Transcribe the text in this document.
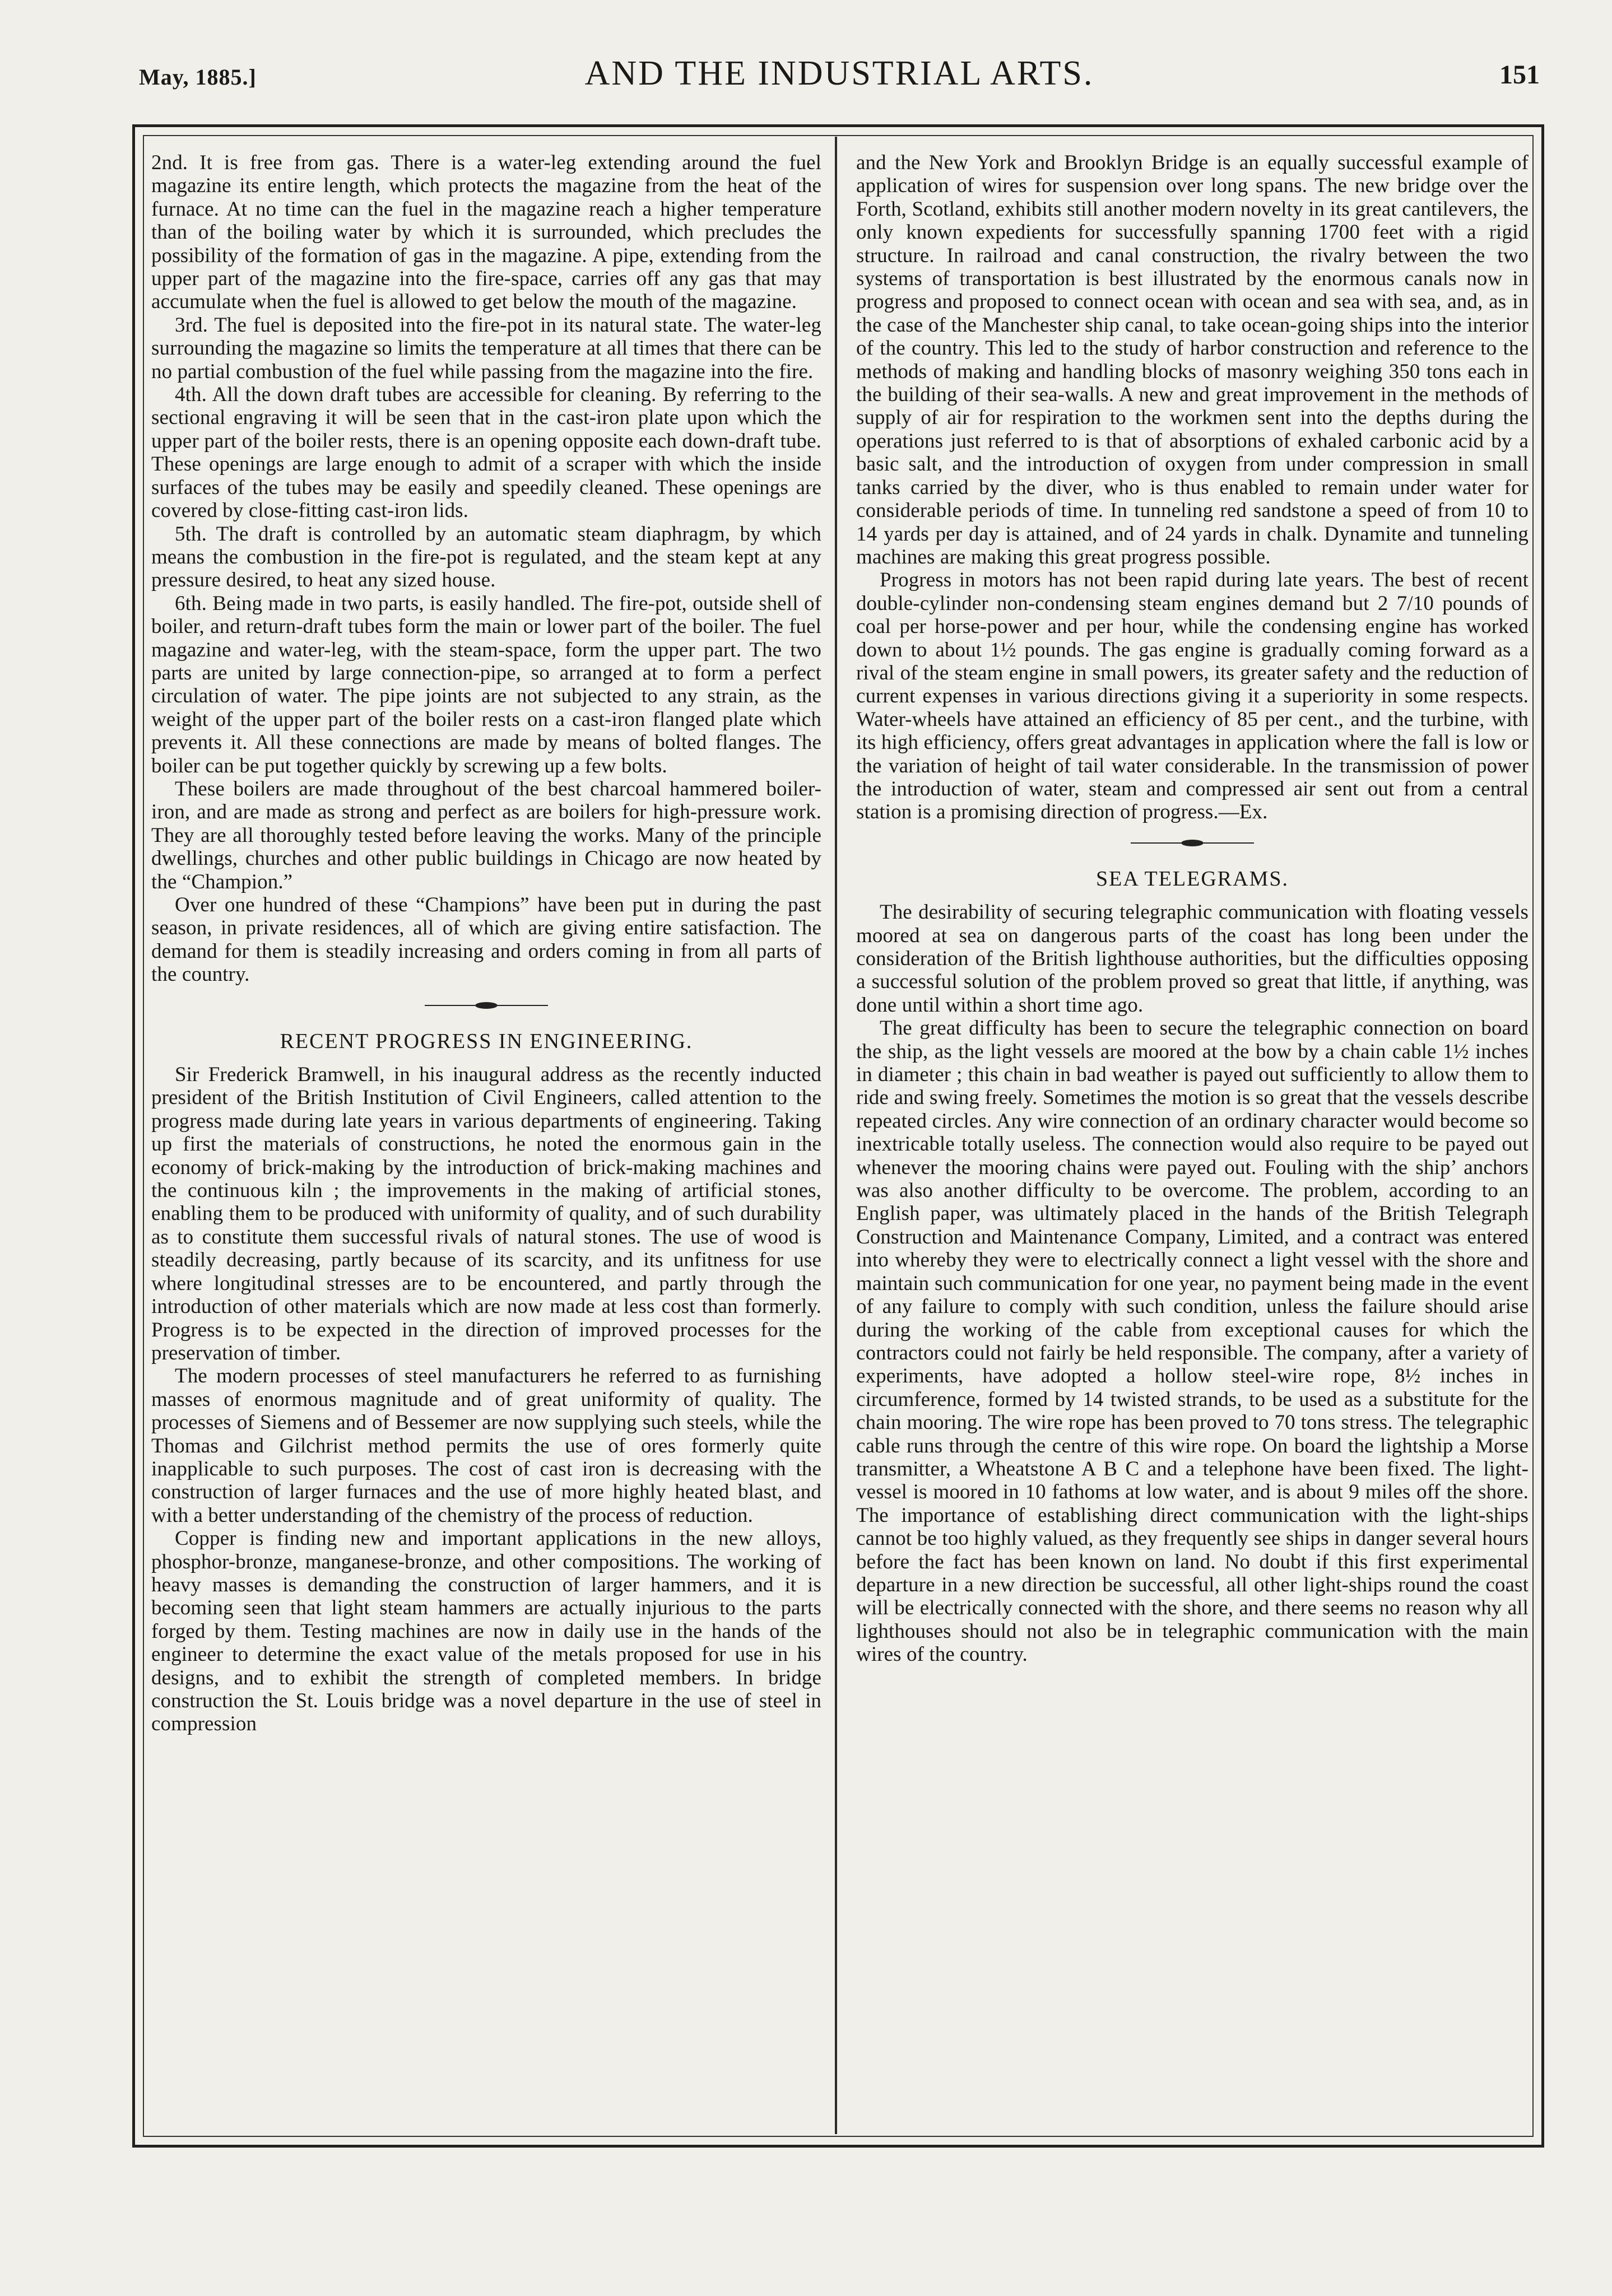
May, 1885.]	AND THE INDUSTRIAL ARTS.	151

2nd. It is free from gas. There is a water-leg extending around the fuel magazine its entire length, which protects the magazine from the heat of the furnace. At no time can the fuel in the magazine reach a higher temperature than of the boiling water by which it is surrounded, which precludes the possibility of the formation of gas in the magazine. A pipe, extending from the upper part of the magazine into the fire-space, carries off any gas that may accumulate when the fuel is allowed to get below the mouth of the magazine.

3rd. The fuel is deposited into the fire-pot in its natural state. The water-leg surrounding the magazine so limits the temperature at all times that there can be no partial combustion of the fuel while passing from the magazine into the fire.

4th. All the down draft tubes are accessible for cleaning. By referring to the sectional engraving it will be seen that in the cast-iron plate upon which the upper part of the boiler rests, there is an opening opposite each down-draft tube. These openings are large enough to admit of a scraper with which the inside surfaces of the tubes may be easily and speedily cleaned. These openings are covered by close-fitting cast-iron lids.

5th. The draft is controlled by an automatic steam diaphragm, by which means the combustion in the fire-pot is regulated, and the steam kept at any pressure desired, to heat any sized house.

6th. Being made in two parts, is easily handled. The fire-pot, outside shell of boiler, and return-draft tubes form the main or lower part of the boiler. The fuel magazine and water-leg, with the steam-space, form the upper part. The two parts are united by large connection-pipe, so arranged at to form a perfect circulation of water. The pipe joints are not subjected to any strain, as the weight of the upper part of the boiler rests on a cast-iron flanged plate which prevents it. All these connections are made by means of bolted flanges. The boiler can be put together quickly by screwing up a few bolts.

These boilers are made throughout of the best charcoal hammered boiler-iron, and are made as strong and perfect as are boilers for high-pressure work. They are all thoroughly tested before leaving the works. Many of the principle dwellings, churches and other public buildings in Chicago are now heated by the “Champion.”

Over one hundred of these “Champions” have been put in during the past season, in private residences, all of which are giving entire satisfaction. The demand for them is steadily increasing and orders coming in from all parts of the country.

RECENT PROGRESS IN ENGINEERING.

Sir Frederick Bramwell, in his inaugural address as the recently inducted president of the British Institution of Civil Engineers, called attention to the progress made during late years in various departments of engineering. Taking up first the materials of constructions, he noted the enormous gain in the economy of brick-making by the introduction of brick-making machines and the continuous kiln ; the improvements in the making of artificial stones, enabling them to be produced with uniformity of quality, and of such durability as to constitute them successful rivals of natural stones. The use of wood is steadily decreasing, partly because of its scarcity, and its unfitness for use where longitudinal stresses are to be encountered, and partly through the introduction of other materials which are now made at less cost than formerly. Progress is to be expected in the direction of improved processes for the preservation of timber.

The modern processes of steel manufacturers he referred to as furnishing masses of enormous magnitude and of great uniformity of quality. The processes of Siemens and of Bessemer are now supplying such steels, while the Thomas and Gilchrist method permits the use of ores formerly quite inapplicable to such purposes. The cost of cast iron is decreasing with the construction of larger furnaces and the use of more highly heated blast, and with a better understanding of the chemistry of the process of reduction.

Copper is finding new and important applications in the new alloys, phosphor-bronze, manganese-bronze, and other compositions. The working of heavy masses is demanding the construction of larger hammers, and it is becoming seen that light steam hammers are actually injurious to the parts forged by them. Testing machines are now in daily use in the hands of the engineer to determine the exact value of the metals proposed for use in his designs, and to exhibit the strength of completed members. In bridge construction the St. Louis bridge was a novel departure in the use of steel in compression

and the New York and Brooklyn Bridge is an equally successful example of application of wires for suspension over long spans. The new bridge over the Forth, Scotland, exhibits still another modern novelty in its great cantilevers, the only known expedients for successfully spanning 1700 feet with a rigid structure. In railroad and canal construction, the rivalry between the two systems of transportation is best illustrated by the enormous canals now in progress and proposed to connect ocean with ocean and sea with sea, and, as in the case of the Manchester ship canal, to take ocean-going ships into the interior of the country. This led to the study of harbor construction and reference to the methods of making and handling blocks of masonry weighing 350 tons each in the building of their sea-walls. A new and great improvement in the methods of supply of air for respiration to the workmen sent into the depths during the operations just referred to is that of absorptions of exhaled carbonic acid by a basic salt, and the introduction of oxygen from under compression in small tanks carried by the diver, who is thus enabled to remain under water for considerable periods of time. In tunneling red sandstone a speed of from 10 to 14 yards per day is attained, and of 24 yards in chalk. Dynamite and tunneling machines are making this great progress possible.

Progress in motors has not been rapid during late years. The best of recent double-cylinder non-condensing steam engines demand but 2 7/10 pounds of coal per horse-power and per hour, while the condensing engine has worked down to about 1½ pounds. The gas engine is gradually coming forward as a rival of the steam engine in small powers, its greater safety and the reduction of current expenses in various directions giving it a superiority in some respects. Water-wheels have attained an efficiency of 85 per cent., and the turbine, with its high efficiency, offers great advantages in application where the fall is low or the variation of height of tail water considerable. In the transmission of power the introduction of water, steam and compressed air sent out from a central station is a promising direction of progress.—Ex.

SEA TELEGRAMS.

The desirability of securing telegraphic communication with floating vessels moored at sea on dangerous parts of the coast has long been under the consideration of the British lighthouse authorities, but the difficulties opposing a successful solution of the problem proved so great that little, if anything, was done until within a short time ago.

The great difficulty has been to secure the telegraphic connection on board the ship, as the light vessels are moored at the bow by a chain cable 1½ inches in diameter ; this chain in bad weather is payed out sufficiently to allow them to ride and swing freely. Sometimes the motion is so great that the vessels describe repeated circles. Any wire connection of an ordinary character would become so inextricable totally useless. The connection would also require to be payed out whenever the mooring chains were payed out. Fouling with the ship’ anchors was also another difficulty to be overcome. The problem, according to an English paper, was ultimately placed in the hands of the British Telegraph Construction and Maintenance Company, Limited, and a contract was entered into whereby they were to electrically connect a light vessel with the shore and maintain such communication for one year, no payment being made in the event of any failure to comply with such condition, unless the failure should arise during the working of the cable from exceptional causes for which the contractors could not fairly be held responsible. The company, after a variety of experiments, have adopted a hollow steel-wire rope, 8½ inches in circumference, formed by 14 twisted strands, to be used as a substitute for the chain mooring. The wire rope has been proved to 70 tons stress. The telegraphic cable runs through the centre of this wire rope. On board the lightship a Morse transmitter, a Wheatstone A B C and a telephone have been fixed. The light-vessel is moored in 10 fathoms at low water, and is about 9 miles off the shore. The importance of establishing direct communication with the light-ships cannot be too highly valued, as they frequently see ships in danger several hours before the fact has been known on land. No doubt if this first experimental departure in a new direction be successful, all other light-ships round the coast will be electrically connected with the shore, and there seems no reason why all lighthouses should not also be in telegraphic communication with the main wires of the country.
